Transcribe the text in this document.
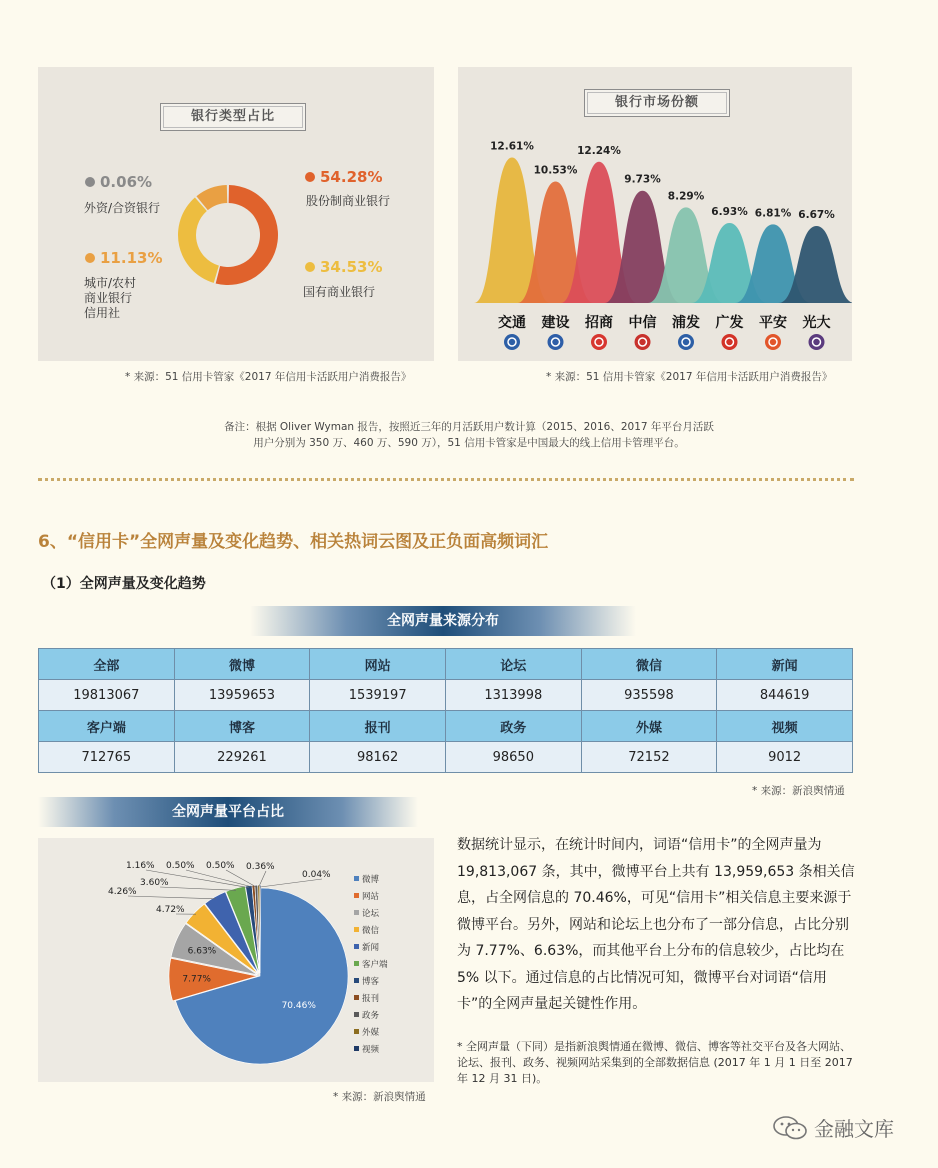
银行类型占比
54.28%
股份制商业银行
34.53%
国有商业银行
11.13%
城市/农村
商业银行
信用社
0.06%
外资/合资银行
* 来源：51 信用卡管家《2017 年信用卡活跃用户消费报告》
银行市场份额
12.61%
交通
10.53%
建设
12.24%
招商
9.73%
中信
8.29%
浦发
6.93%
广发
6.81%
平安
6.67%
光大
* 来源：51 信用卡管家《2017 年信用卡活跃用户消费报告》
备注：根据 Oliver Wyman 报告，按照近三年的月活跃用户数计算（2015、2016、2017 年平台月活跃
用户分别为 350 万、460 万、590 万），51 信用卡管家是中国最大的线上信用卡管理平台。
6、“信用卡”全网声量及变化趋势、相关热词云图及正负面高频词汇
（1）全网声量及变化趋势
全网声量来源分布
全部	微博	网站	论坛	微信	新闻
19813067	13959653	1539197	1313998	935598	844619
客户端	博客	报刊	政务	外媒	视频
712765	229261	98162	98650	72152	9012
* 来源：新浪舆情通
全网声量平台占比
70.46%
7.77%
6.63%
4.72%
4.26%
3.60%
1.16% 0.50% 0.50% 0.36%
0.04%	微博
网站
论坛
微信
新闻
客户端
博客
报刊
政务
外媒
视频
* 来源：新浪舆情通
数据统计显示，在统计时间内，词语“信用卡”的全网声量为 19,813,067 条，其中，微博平台上共有 13,959,653 条相关信息，占全网信息的 70.46%，可见“信用卡”相关信息主要来源于微博平台。另外，网站和论坛上也分布了一部分信息，占比分别为 7.77%、6.63%，而其他平台上分布的信息较少，占比均在 5% 以下。通过信息的占比情况可知，微博平台对词语“信用卡”的全网声量起关键性作用。
* 全网声量（下同）是指新浪舆情通在微博、微信、博客等社交平台及各大网站、论坛、报刊、政务、视频网站采集到的全部数据信息 (2017 年 1 月 1 日至 2017 年 12 月 31 日)。
金融文库
